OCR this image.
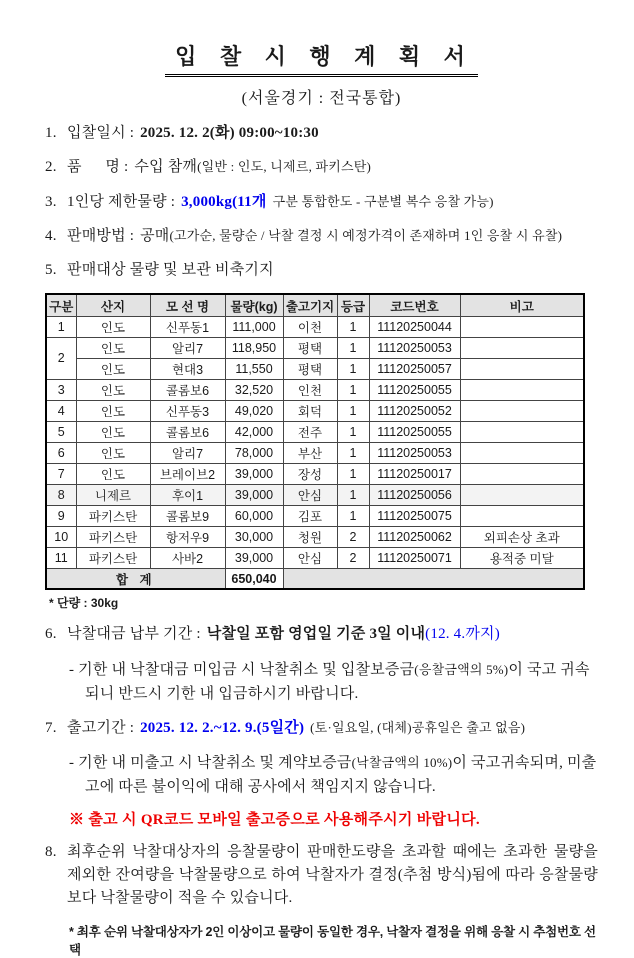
입 찰 시 행 계 획 서
(서울경기 : 전국통합)
1. 입찰일시 : 2025. 12. 2(화) 09:00~10:30
2. 품      명 : 수입 참깨(일반 : 인도, 니제르, 파키스탄)
3. 1인당 제한물량 : 3,000kg(11개 구분 통합한도 - 구분별 복수 응찰 가능)
4. 판매방법 : 공매(고가순, 물량순 / 낙찰 결정 시 예정가격이 존재하며 1인 응찰 시 유찰)
5. 판매대상 물량 및 보관 비축기지
구분	산지	모 선 명	물량(kg)	출고기지	등급	코드번호	비고
1	인도	신푸동1	111,000	이천	1	11120250044	
2	인도	알리7	118,950	평택	1	11120250053	
	인도	현대3	11,550	평택	1	11120250057	
3	인도	콜롬보6	32,520	인천	1	11120250055	
4	인도	신푸동3	49,020	회덕	1	11120250052	
5	인도	콜롬보6	42,000	전주	1	11120250055	
6	인도	알리7	78,000	부산	1	11120250053	
7	인도	브레이브2	39,000	장성	1	11120250017	
8	니제르	후이1	39,000	안심	1	11120250056	
9	파키스탄	콜롬보9	60,000	김포	1	11120250075	
10	파키스탄	항저우9	30,000	청원	2	11120250062	외피손상 초과
11	파키스탄	사바2	39,000	안심	2	11120250071	용적중 미달
합 계			650,040				
* 단량 : 30kg
6. 낙찰대금 납부 기간 : 낙찰일 포함 영업일 기준 3일 이내(12. 4.까지)
- 기한 내 낙찰대금 미입금 시 낙찰취소 및 입찰보증금(응찰금액의 5%)이 국고 귀속되니 반드시 기한 내 입금하시기 바랍니다.
7. 출고기간 : 2025. 12. 2.~12. 9.(5일간) (토·일요일, (대체)공휴일은 출고 없음)
- 기한 내 미출고 시 낙찰취소 및 계약보증금(낙찰금액의 10%)이 국고귀속되며, 미출고에 따른 불이익에 대해 공사에서 책임지지 않습니다.
※ 출고 시 QR코드 모바일 출고증으로 사용해주시기 바랍니다.
8. 최후순위 낙찰대상자의 응찰물량이 판매한도량을 초과할 때에는 초과한 물량을 제외한 잔여량을 낙찰물량으로 하여 낙찰자가 결정(추첨 방식)됨에 따라 응찰물량보다 낙찰물량이 적을 수 있습니다.
* 최후 순위 낙찰대상자가 2인 이상이고 물량이 동일한 경우, 낙찰자 결정을 위해 응찰 시 추첨번호 선택
